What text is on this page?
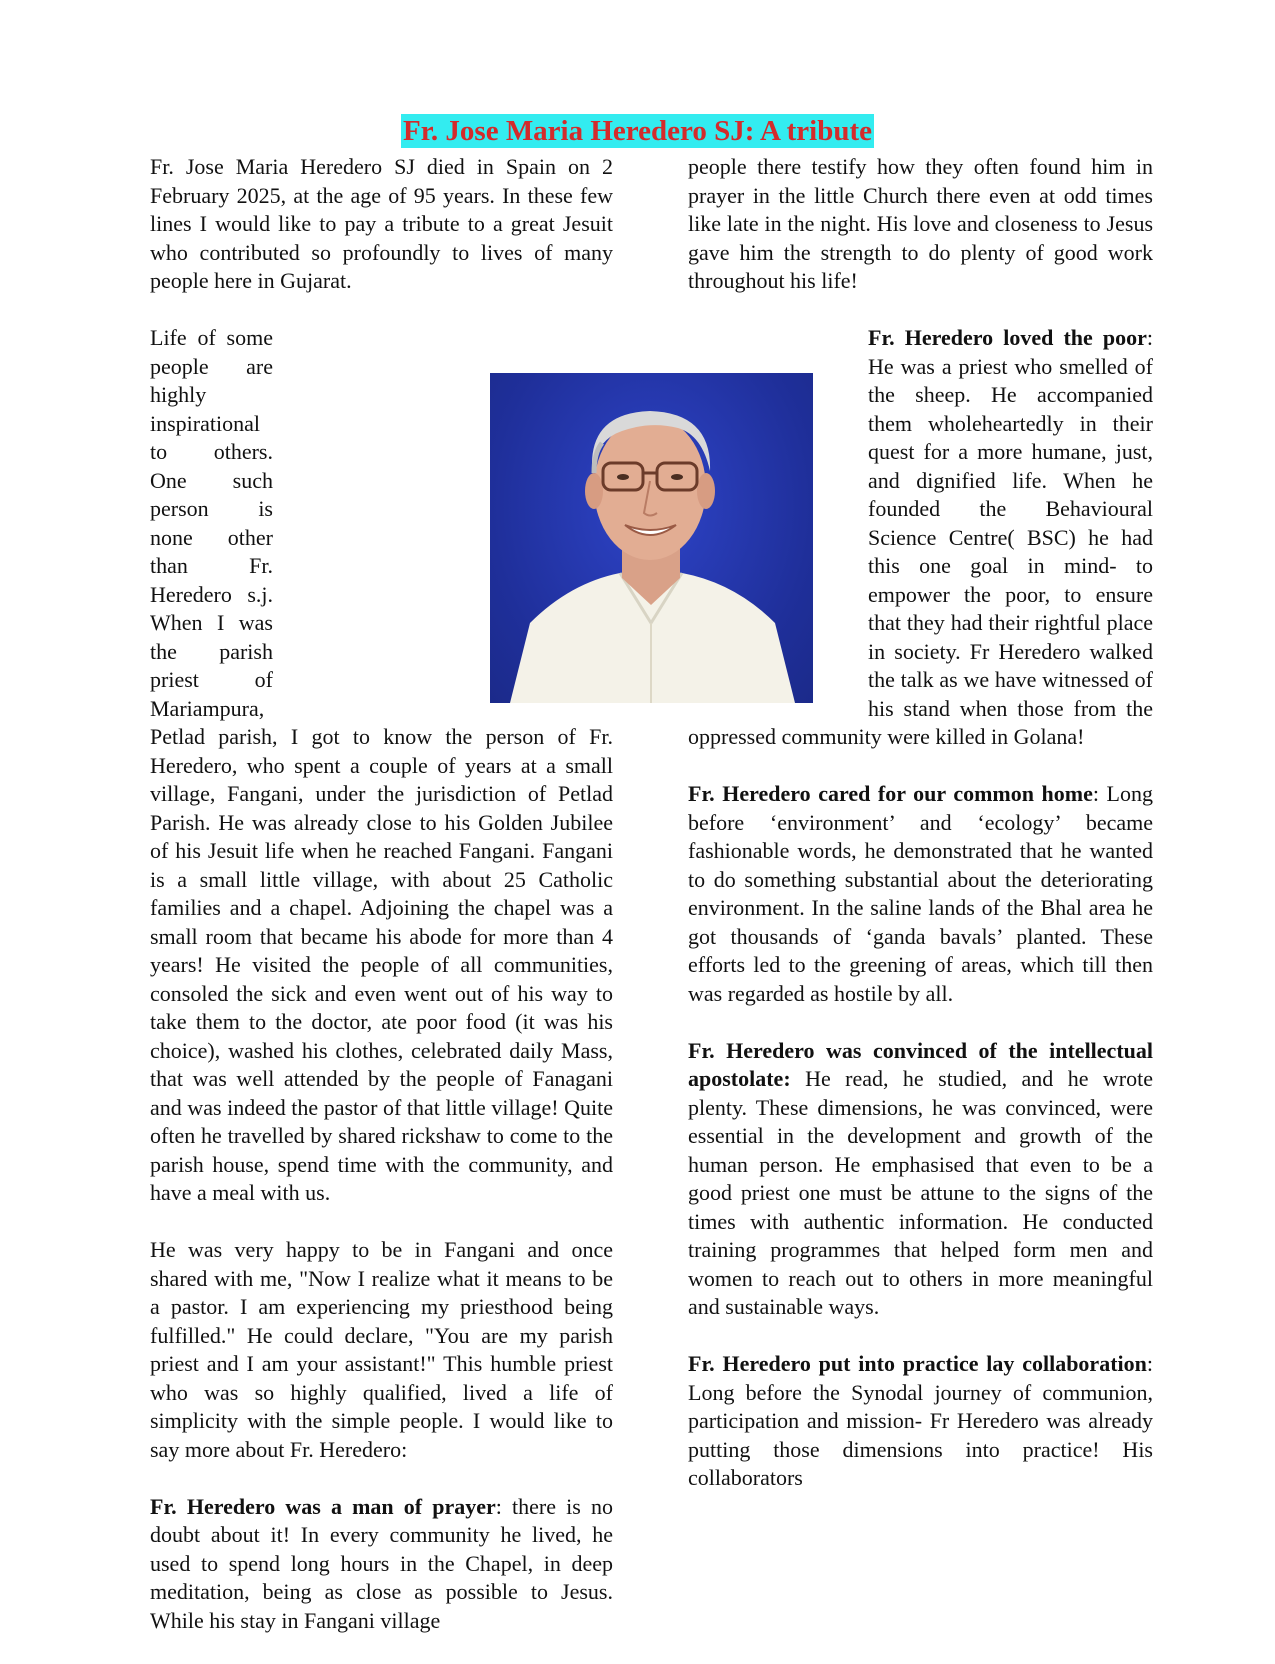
Fr. Jose Maria Heredero SJ: A tribute

Fr. Jose Maria Heredero SJ died in Spain on 2 February 2025, at the age of 95 years. In these few lines I would like to pay a tribute to a great Jesuit who contributed so profoundly to lives of many people here in Gujarat.

Life of some people are highly inspirational to others. One such person is none other than Fr. Heredero s.j. When I was the parish priest of Mariampura, Petlad parish, I got to know the person of Fr. Heredero, who spent a couple of years at a small village, Fangani, under the jurisdiction of Petlad Parish. He was already close to his Golden Jubilee of his Jesuit life when he reached Fangani. Fangani is a small little village, with about 25 Catholic families and a chapel. Adjoining the chapel was a small room that became his abode for more than 4 years! He visited the people of all communities, consoled the sick and even went out of his way to take them to the doctor, ate poor food (it was his choice), washed his clothes, celebrated daily Mass, that was well attended by the people of Fanagani and was indeed the pastor of that little village! Quite often he travelled by shared rickshaw to come to the parish house, spend time with the community, and have a meal with us.

He was very happy to be in Fangani and once shared with me, "Now I realize what it means to be a pastor. I am experiencing my priesthood being fulfilled." He could declare, "You are my parish priest and I am your assistant!" This humble priest who was so highly qualified, lived a life of simplicity with the simple people. I would like to say more about Fr. Heredero:

Fr. Heredero was a man of prayer: there is no doubt about it! In every community he lived, he used to spend long hours in the Chapel, in deep meditation, being as close as possible to Jesus. While his stay in Fangani village

people there testify how they often found him in prayer in the little Church there even at odd times like late in the night. His love and closeness to Jesus gave him the strength to do plenty of good work throughout his life!

Fr. Heredero loved the poor
: He was a priest who smelled of the sheep. He accompanied them wholeheartedly in their quest for a more humane, just, and dignified life. When he founded the Behavioural Science Centre( BSC) he had this one goal in mind- to empower the poor, to ensure that they had their rightful place in society. Fr Heredero walked the talk as we have witnessed of his stand when those from the oppressed community were killed in Golana!

Fr. Heredero cared for our common home: Long before ‘environment’ and ‘ecology’ became fashionable words, he demonstrated that he wanted to do something substantial about the deteriorating environment. In the saline lands of the Bhal area he got thousands of ‘ganda bavals’ planted. These efforts led to the greening of areas, which till then was regarded as hostile by all.

Fr. Heredero was convinced of the intellectual apostolate: He read, he studied, and he wrote plenty. These dimensions, he was convinced, were essential in the development and growth of the human person. He emphasised that even to be a good priest one must be attune to the signs of the times with authentic information. He conducted training programmes that helped form men and women to reach out to others in more meaningful and sustainable ways.

Fr. Heredero put into practice lay collaboration: Long before the Synodal journey of communion, participation and mission- Fr Heredero was already putting those dimensions into practice! His collaborators
